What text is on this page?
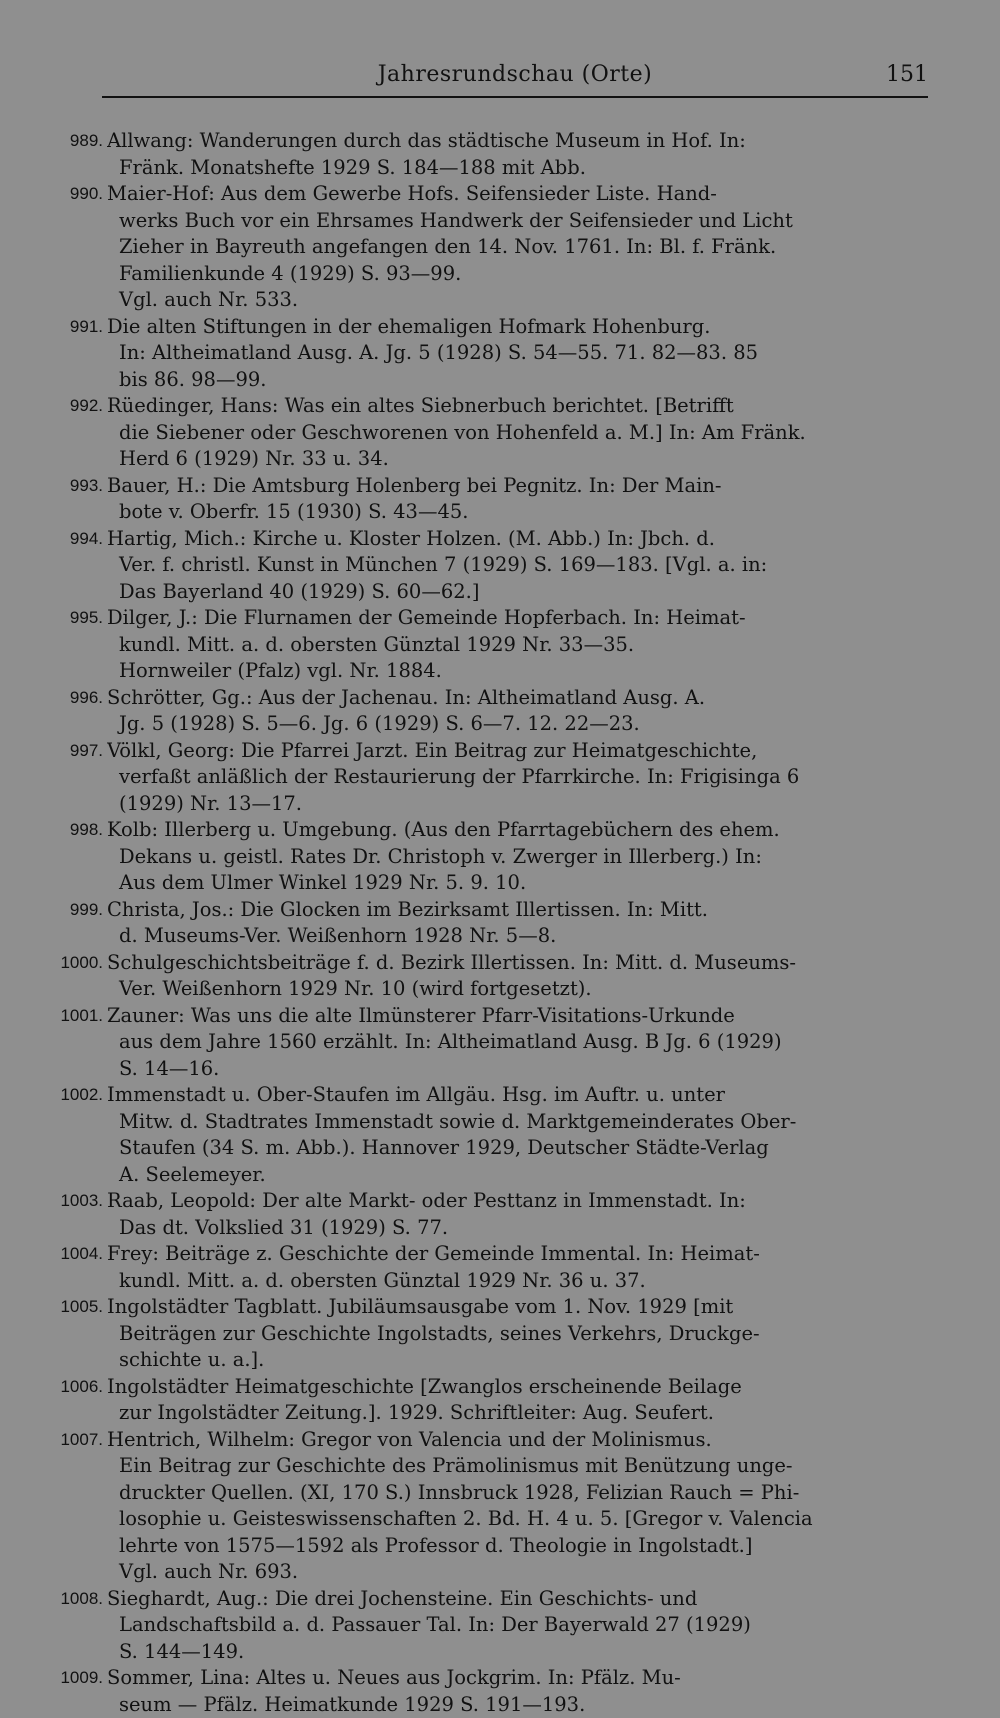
Jahresrundschau (Orte)	151
989. Allwang: Wanderungen durch das städtische Museum in Hof. In:
Fränk. Monatshefte 1929 S. 184—188 mit Abb.
990. Maier-Hof: Aus dem Gewerbe Hofs. Seifensieder Liste. Hand-
werks Buch vor ein Ehrsames Handwerk der Seifensieder und Licht
Zieher in Bayreuth angefangen den 14. Nov. 1761. In: Bl. f. Fränk.
Familienkunde 4 (1929) S. 93—99.
Vgl. auch Nr. 533.
991. Die alten Stiftungen in der ehemaligen Hofmark Hohenburg.
In: Altheimatland Ausg. A. Jg. 5 (1928) S. 54—55. 71. 82—83. 85
bis 86. 98—99.
992. Rüedinger, Hans: Was ein altes Siebnerbuch berichtet. [Betrifft
die Siebener oder Geschworenen von Hohenfeld a. M.] In: Am Fränk.
Herd 6 (1929) Nr. 33 u. 34.
993. Bauer, H.: Die Amtsburg Holenberg bei Pegnitz. In: Der Main-
bote v. Oberfr. 15 (1930) S. 43—45.
994. Hartig, Mich.: Kirche u. Kloster Holzen. (M. Abb.) In: Jbch. d.
Ver. f. christl. Kunst in München 7 (1929) S. 169—183. [Vgl. a. in:
Das Bayerland 40 (1929) S. 60—62.]
995. Dilger, J.: Die Flurnamen der Gemeinde Hopferbach. In: Heimat-
kundl. Mitt. a. d. obersten Günztal 1929 Nr. 33—35.
Hornweiler (Pfalz) vgl. Nr. 1884.
996. Schrötter, Gg.: Aus der Jachenau. In: Altheimatland Ausg. A.
Jg. 5 (1928) S. 5—6. Jg. 6 (1929) S. 6—7. 12. 22—23.
997. Völkl, Georg: Die Pfarrei Jarzt. Ein Beitrag zur Heimatgeschichte,
verfaßt anläßlich der Restaurierung der Pfarrkirche. In: Frigisinga 6
(1929) Nr. 13—17.
998. Kolb: Illerberg u. Umgebung. (Aus den Pfarrtagebüchern des ehem.
Dekans u. geistl. Rates Dr. Christoph v. Zwerger in Illerberg.) In:
Aus dem Ulmer Winkel 1929 Nr. 5. 9. 10.
999. Christa, Jos.: Die Glocken im Bezirksamt Illertissen. In: Mitt.
d. Museums-Ver. Weißenhorn 1928 Nr. 5—8.
1000. Schulgeschichtsbeiträge f. d. Bezirk Illertissen. In: Mitt. d. Museums-
Ver. Weißenhorn 1929 Nr. 10 (wird fortgesetzt).
1001. Zauner: Was uns die alte Ilmünsterer Pfarr-Visitations-Urkunde
aus dem Jahre 1560 erzählt. In: Altheimatland Ausg. B Jg. 6 (1929)
S. 14—16.
1002. Immenstadt u. Ober-Staufen im Allgäu. Hsg. im Auftr. u. unter
Mitw. d. Stadtrates Immenstadt sowie d. Marktgemeinderates Ober-
Staufen (34 S. m. Abb.). Hannover 1929, Deutscher Städte-Verlag
A. Seelemeyer.
1003. Raab, Leopold: Der alte Markt- oder Pesttanz in Immenstadt. In:
Das dt. Volkslied 31 (1929) S. 77.
1004. Frey: Beiträge z. Geschichte der Gemeinde Immental. In: Heimat-
kundl. Mitt. a. d. obersten Günztal 1929 Nr. 36 u. 37.
1005. Ingolstädter Tagblatt. Jubiläumsausgabe vom 1. Nov. 1929 [mit
Beiträgen zur Geschichte Ingolstadts, seines Verkehrs, Druckge-
schichte u. a.].
1006. Ingolstädter Heimatgeschichte [Zwanglos erscheinende Beilage
zur Ingolstädter Zeitung.]. 1929. Schriftleiter: Aug. Seufert.
1007. Hentrich, Wilhelm: Gregor von Valencia und der Molinismus.
Ein Beitrag zur Geschichte des Prämolinismus mit Benützung unge-
druckter Quellen. (XI, 170 S.) Innsbruck 1928, Felizian Rauch = Phi-
losophie u. Geisteswissenschaften 2. Bd. H. 4 u. 5. [Gregor v. Valencia
lehrte von 1575—1592 als Professor d. Theologie in Ingolstadt.]
Vgl. auch Nr. 693.
1008. Sieghardt, Aug.: Die drei Jochensteine. Ein Geschichts- und
Landschaftsbild a. d. Passauer Tal. In: Der Bayerwald 27 (1929)
S. 144—149.
1009. Sommer, Lina: Altes u. Neues aus Jockgrim. In: Pfälz. Mu-
seum — Pfälz. Heimatkunde 1929 S. 191—193.
